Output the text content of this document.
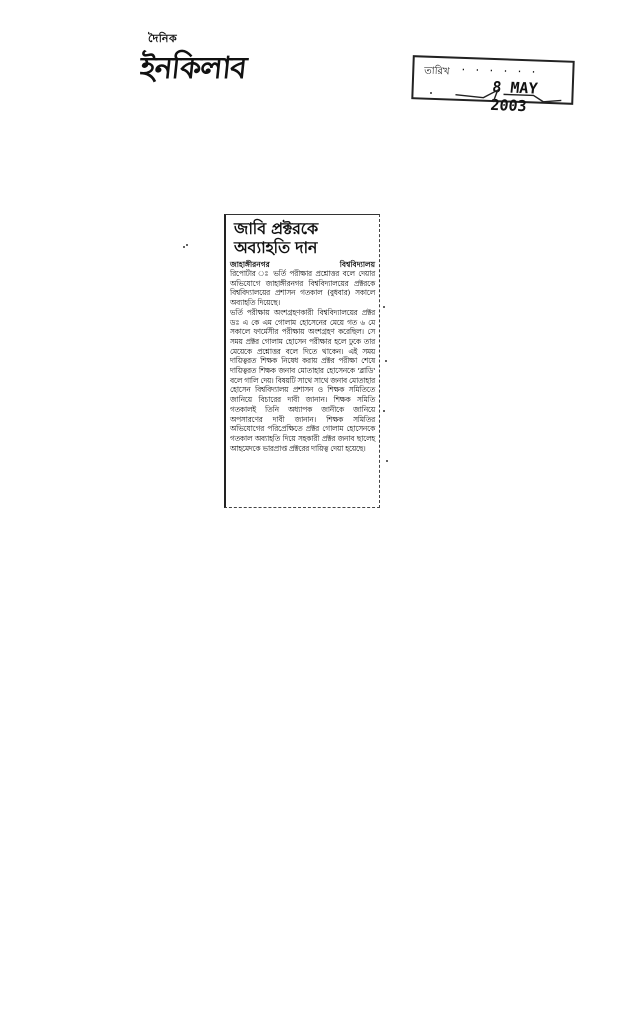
দৈনিক
ইনকিলাব	তারিখ · · · · · ·
8 MAY 2003
জাবি প্রক্টরকে
অব্যাহতি দান
জাহাঙ্গীরনগর	বিশ্ববিদ্যালয়

রিপোর্টার ঃ ভর্তি পরীক্ষার প্রশ্নোত্তর বলে দেয়ার অভিযোগে জাহাঙ্গীরনগর বিশ্ববিদ্যালয়ের প্রক্টরকে বিশ্ববিদ্যালয়ের প্রশাসন গতকাল (বুধবার) সকালে অব্যাহতি দিয়েছে।

ভর্তি পরীক্ষায় অংশগ্রহণকারী বিশ্ববিদ্যালয়ের প্রক্টর ডঃ এ কে এম গোলাম হোসেনের মেয়ে গত ৬ মে সকালে ফার্মেসীর পরীক্ষায় অংশগ্রহণ করেছিল। সে সময় প্রক্টর গোলাম হোসেন পরীক্ষার হলে ঢুকে তার মেয়েকে প্রশ্নোত্তর বলে দিতে থাকেন। এই সময় দায়িত্বরত শিক্ষক নিষেধ করায় প্রক্টর পরীক্ষা শেষে দায়িত্বরত শিক্ষক জনাব মোতাহার হোসেনকে 'ব্লাডি' বলে গালি দেয়। বিষয়টি সাথে সাথে জনাব মোতাহার হোসেন বিশ্ববিদ্যালয় প্রশাসন ও শিক্ষক সমিতিতে জানিয়ে বিচারের দাবী জানান। শিক্ষক সমিতি গতকালই তিনি অধ্যাপক জানীকে জানিয়ে অপসারণের দাবী জানান। শিক্ষক সমিতির অভিযোগের পরিপ্রেক্ষিতে প্রক্টর গোলাম হোসেনকে গতকাল অব্যাহতি দিয়ে সহকারী প্রক্টর জনাব ছালেহ আহমেদকে ভারপ্রাপ্ত প্রক্টরের দায়িত্ব দেয়া হয়েছে।
